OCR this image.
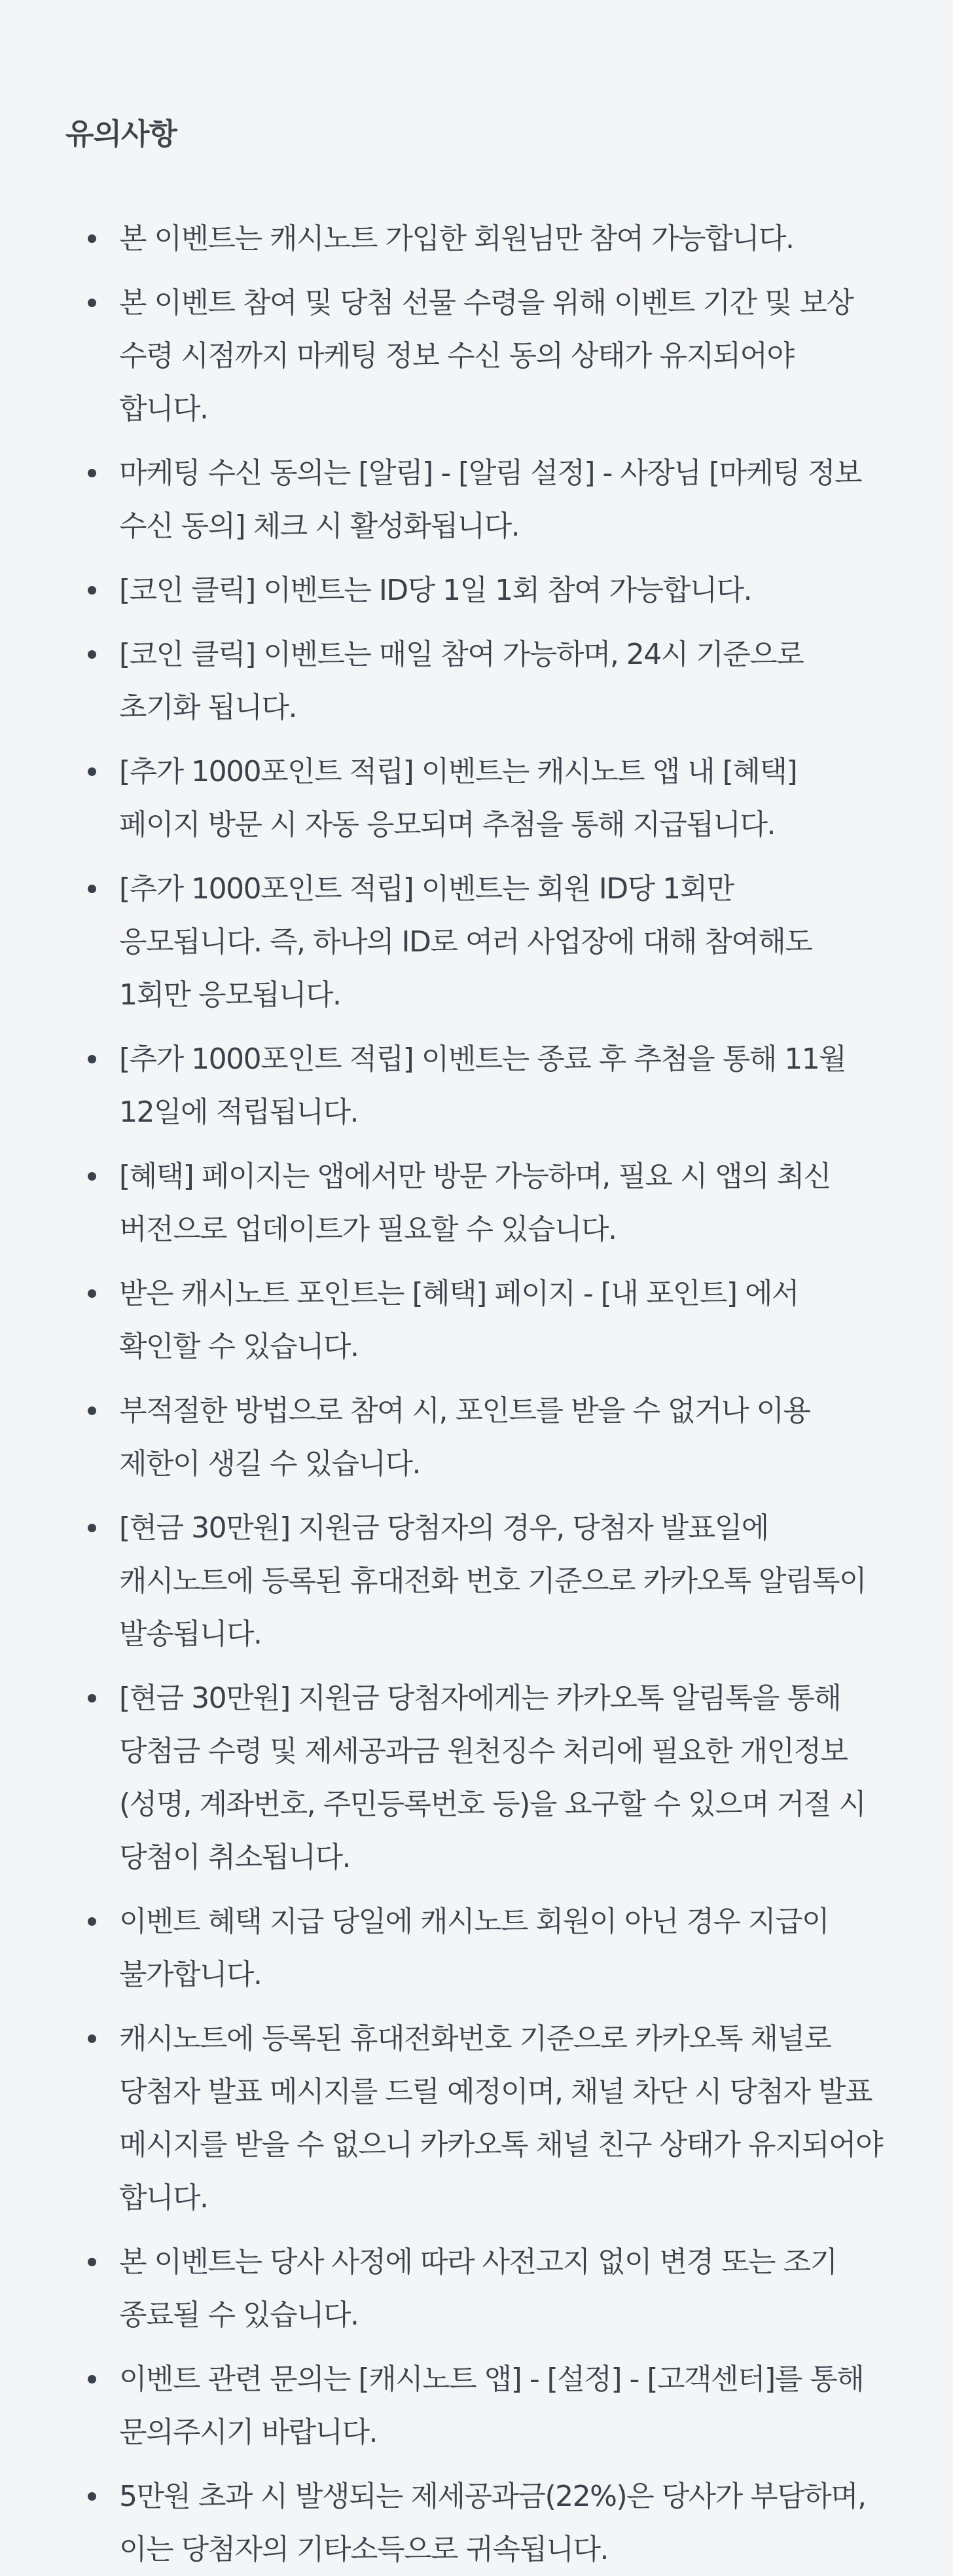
유의사항
본 이벤트는 캐시노트 가입한 회원님만 참여 가능합니다.
본 이벤트 참여 및 당첨 선물 수령을 위해 이벤트 기간 및 보상 수령 시점까지 마케팅 정보 수신 동의 상태가 유지되어야 합니다.
마케팅 수신 동의는 [알림] - [알림 설정] - 사장님 [마케팅 정보 수신 동의] 체크 시 활성화됩니다.
[코인 클릭] 이벤트는 ID당 1일 1회 참여 가능합니다.
[코인 클릭] 이벤트는 매일 참여 가능하며, 24시 기준으로 초기화 됩니다.
[추가 1000포인트 적립] 이벤트는 캐시노트 앱 내 [혜택] 페이지 방문 시 자동 응모되며 추첨을 통해 지급됩니다.
[추가 1000포인트 적립] 이벤트는 회원 ID당 1회만 응모됩니다. 즉, 하나의 ID로 여러 사업장에 대해 참여해도 1회만 응모됩니다.
[추가 1000포인트 적립] 이벤트는 종료 후 추첨을 통해 11월 12일에 적립됩니다.
[혜택] 페이지는 앱에서만 방문 가능하며, 필요 시 앱의 최신 버전으로 업데이트가 필요할 수 있습니다.
받은 캐시노트 포인트는 [혜택] 페이지 - [내 포인트] 에서 확인할 수 있습니다.
부적절한 방법으로 참여 시, 포인트를 받을 수 없거나 이용 제한이 생길 수 있습니다.
[현금 30만원] 지원금 당첨자의 경우, 당첨자 발표일에 캐시노트에 등록된 휴대전화 번호 기준으로 카카오톡 알림톡이 발송됩니다.
[현금 30만원] 지원금 당첨자에게는 카카오톡 알림톡을 통해 당첨금 수령 및 제세공과금 원천징수 처리에 필요한 개인정보(성명, 계좌번호, 주민등록번호 등)을 요구할 수 있으며 거절 시 당첨이 취소됩니다.
이벤트 혜택 지급 당일에 캐시노트 회원이 아닌 경우 지급이 불가합니다.
캐시노트에 등록된 휴대전화번호 기준으로 카카오톡 채널로 당첨자 발표 메시지를 드릴 예정이며, 채널 차단 시 당첨자 발표 메시지를 받을 수 없으니 카카오톡 채널 친구 상태가 유지되어야 합니다.
본 이벤트는 당사 사정에 따라 사전고지 없이 변경 또는 조기 종료될 수 있습니다.
이벤트 관련 문의는 [캐시노트 앱] - [설정] - [고객센터]를 통해 문의주시기 바랍니다.
5만원 초과 시 발생되는 제세공과금(22%)은 당사가 부담하며, 이는 당첨자의 기타소득으로 귀속됩니다.
